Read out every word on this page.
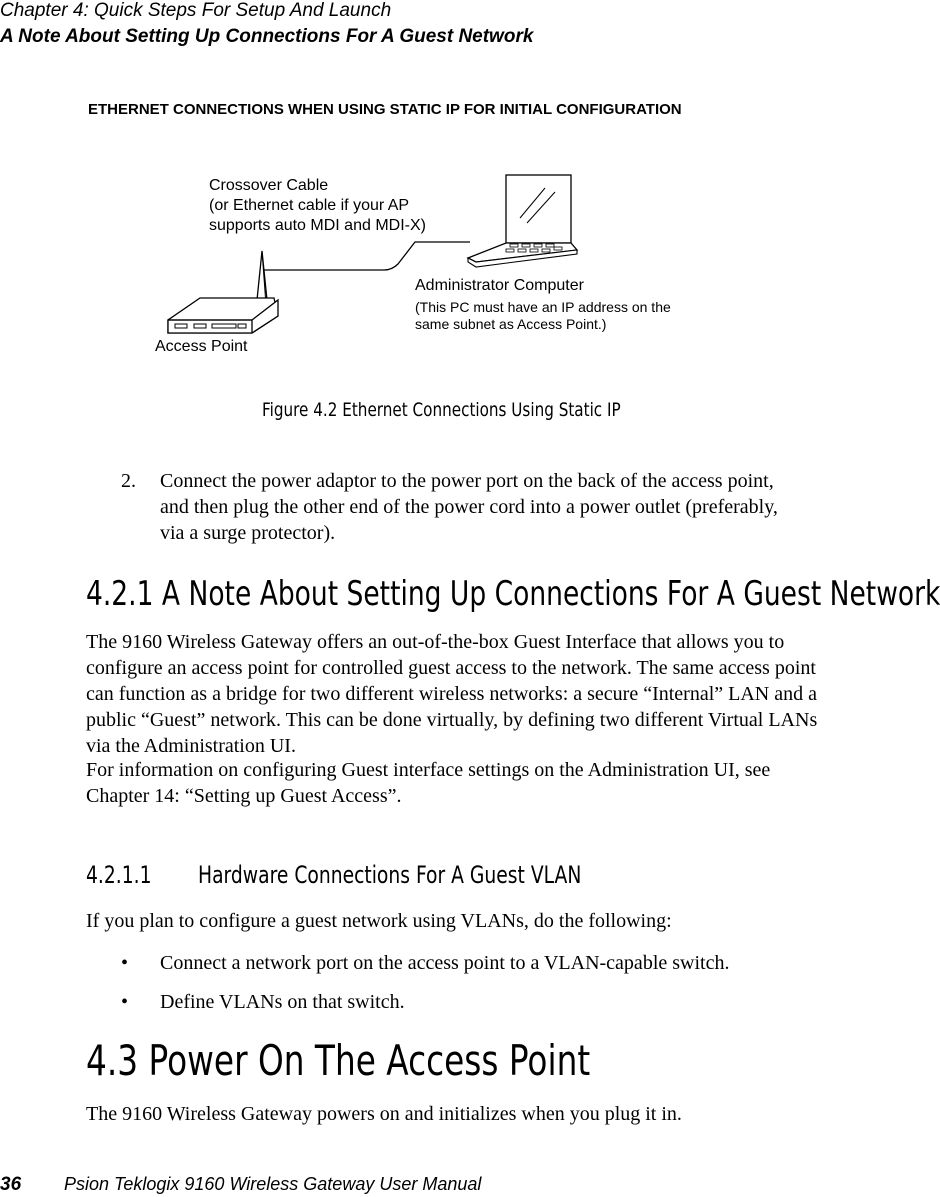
Chapter 4: Quick Steps For Setup And Launch
A Note About Setting Up Connections For A Guest Network
ETHERNET CONNECTIONS WHEN USING STATIC IP FOR INITIAL CONFIGURATION
Crossover Cable
(or Ethernet cable if your AP
supports auto MDI and MDI-X)
Administrator Computer
(This PC must have an IP address on the
same subnet as Access Point.)
Access Point
Figure 4.2 Ethernet Connections Using Static IP
2. Connect the power adaptor to the power port on the back of the access point, and then plug the other end of the power cord into a power outlet (preferably, via a surge protector).
4.2.1 A Note About Setting Up Connections For A Guest Network
The 9160 Wireless Gateway offers an out-of-the-box Guest Interface that allows you to configure an access point for controlled guest access to the network. The same access point can function as a bridge for two different wireless networks: a secure “Internal” LAN and a public “Guest” network. This can be done virtually, by defining two different Virtual LANs via the Administration UI.
For information on configuring Guest interface settings on the Administration UI, see Chapter 14: “Setting up Guest Access”.
4.2.1.1 Hardware Connections For A Guest VLAN
If you plan to configure a guest network using VLANs, do the following:
• Connect a network port on the access point to a VLAN-capable switch.
• Define VLANs on that switch.
4.3 Power On The Access Point
The 9160 Wireless Gateway powers on and initializes when you plug it in.
36 Psion Teklogix 9160 Wireless Gateway User Manual
